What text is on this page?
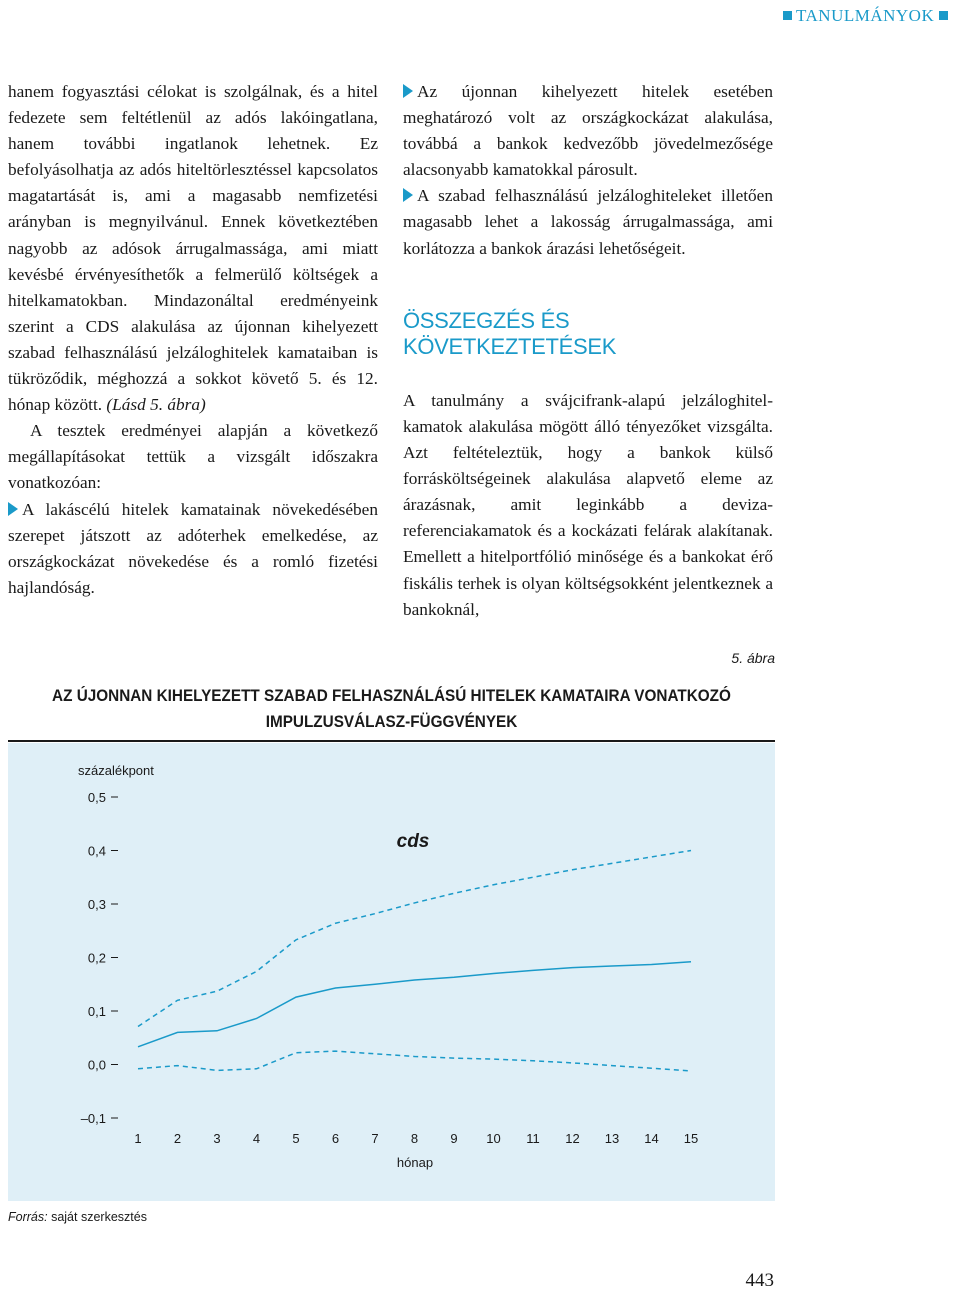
TANULMÁNYOK

hanem fogyasztási célokat is szolgálnak, és a hitel fedezete sem feltétlenül az adós lakóingatlana, hanem további ingatlanok lehetnek. Ez befolyásolhatja az adós hiteltörlesztéssel kapcsolatos magatartását is, ami a magasabb nemfizetési arányban is megnyilvánul. Ennek következtében nagyobb az adósok árrugalmassága, ami miatt kevésbé érvényesíthetők a felmerülő költségek a hitelkamatokban. Mindazonáltal eredményeink szerint a CDS alakulása az újonnan kihelyezett szabad felhasználású jelzáloghitelek kamataiban is tükröződik, méghozzá a sokkot követő 5. és 12. hónap között. (Lásd 5. ábra)

A tesztek eredményei alapján a következő megállapításokat tettük a vizsgált időszakra vonatkozóan:

A lakáscélú hitelek kamatainak növekedésében szerepet játszott az adóterhek emelkedése, az országkockázat növekedése és a romló fizetési hajlandóság.

Az újonnan kihelyezett hitelek esetében meghatározó volt az országkockázat alakulása, továbbá a bankok kedvezőbb jövedelmezősége alacsonyabb kamatokkal párosult.

A szabad felhasználású jelzáloghiteleket illetően magasabb lehet a lakosság árrugalmassága, ami korlátozza a bankok árazási lehetőségeit.

ÖSSZEGZÉS ÉS KÖVETKEZTETÉSEK

A tanulmány a svájcifrank-alapú jelzáloghitel-kamatok alakulása mögött álló tényezőket vizsgálta. Azt feltételeztük, hogy a bankok külső forrásköltségeinek alakulása alapvető eleme az árazásnak, amit leginkább a deviza-referenciakamatok és a kockázati felárak alakítanak. Emellett a hitelportfólió minősége és a bankokat érő fiskális terhek is olyan költségsokként jelentkeznek a bankoknál,

5. ábra
AZ ÚJONNAN KIHELYEZETT SZABAD FELHASZNÁLÁSÚ HITELEK KAMATAIRA VONATKOZÓ
IMPULZUSVÁLASZ-FÜGGVÉNYEK
százalékpont
hónap
cds
0,5
0,4
0,3
0,2
0,1
0,0
–0,1
1 2 3 4 5 6 7 8 9 10 11 12 13 14 15
Forrás: saját szerkesztés
443
